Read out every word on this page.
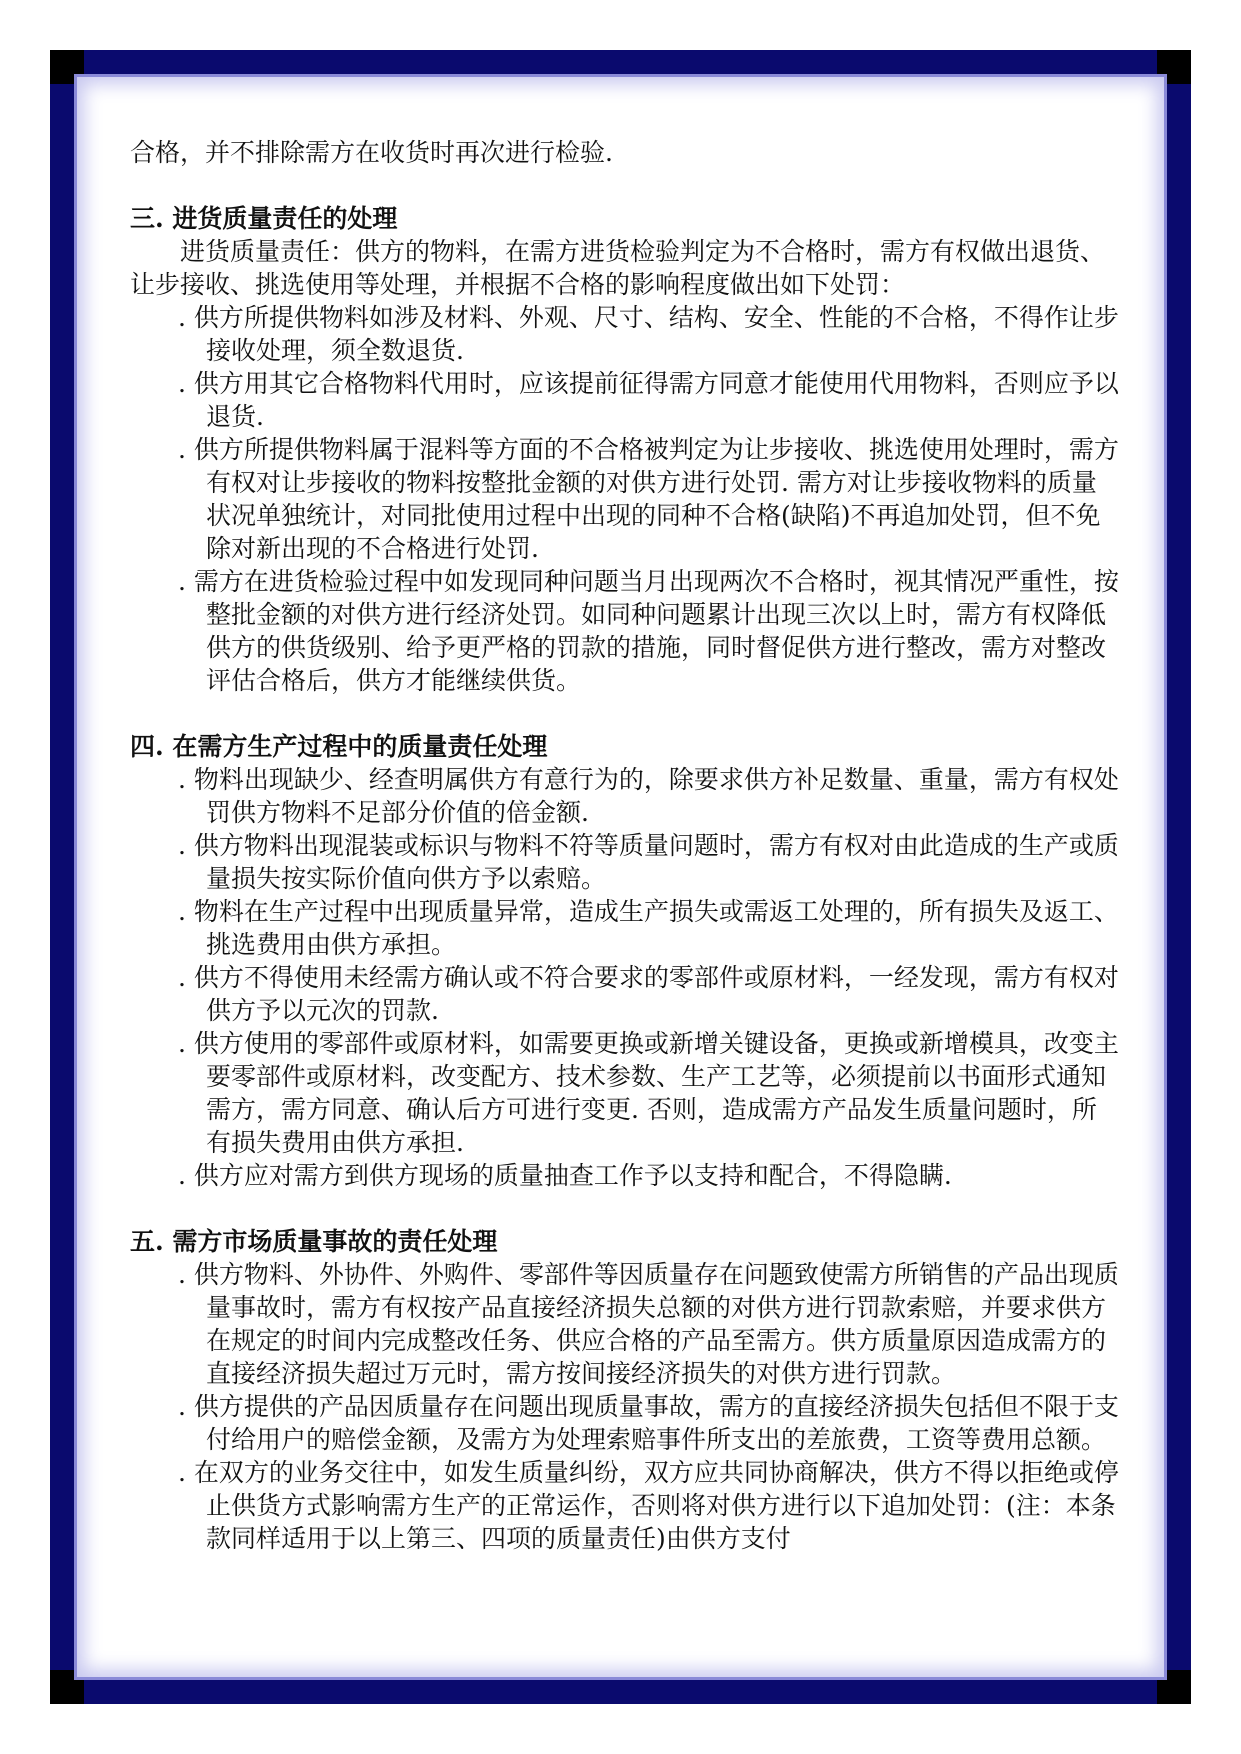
合格，并不排除需方在收货时再次进行检验.

三. 进货质量责任的处理

进货质量责任：供方的物料，在需方进货检验判定为不合格时，需方有权做出退货、让步接收、挑选使用等处理，并根据不合格的影响程度做出如下处罚：

. 供方所提供物料如涉及材料、外观、尺寸、结构、安全、性能的不合格，不得作让步接收处理，须全数退货.

. 供方用其它合格物料代用时，应该提前征得需方同意才能使用代用物料，否则应予以退货.

. 供方所提供物料属于混料等方面的不合格被判定为让步接收、挑选使用处理时，需方有权对让步接收的物料按整批金额的对供方进行处罚. 需方对让步接收物料的质量状况单独统计，对同批使用过程中出现的同种不合格(缺陷)不再追加处罚，但不免除对新出现的不合格进行处罚.

. 需方在进货检验过程中如发现同种问题当月出现两次不合格时，视其情况严重性，按整批金额的对供方进行经济处罚。如同种问题累计出现三次以上时，需方有权降低供方的供货级别、给予更严格的罚款的措施，同时督促供方进行整改，需方对整改评估合格后，供方才能继续供货。

四. 在需方生产过程中的质量责任处理

. 物料出现缺少、经查明属供方有意行为的，除要求供方补足数量、重量，需方有权处罚供方物料不足部分价值的倍金额.

. 供方物料出现混装或标识与物料不符等质量问题时，需方有权对由此造成的生产或质量损失按实际价值向供方予以索赔。

. 物料在生产过程中出现质量异常，造成生产损失或需返工处理的，所有损失及返工、挑选费用由供方承担。

. 供方不得使用未经需方确认或不符合要求的零部件或原材料，一经发现，需方有权对供方予以元次的罚款.

. 供方使用的零部件或原材料，如需要更换或新增关键设备，更换或新增模具，改变主要零部件或原材料，改变配方、技术参数、生产工艺等，必须提前以书面形式通知需方，需方同意、确认后方可进行变更. 否则，造成需方产品发生质量问题时，所有损失费用由供方承担.

. 供方应对需方到供方现场的质量抽查工作予以支持和配合，不得隐瞒.

五. 需方市场质量事故的责任处理

. 供方物料、外协件、外购件、零部件等因质量存在问题致使需方所销售的产品出现质量事故时，需方有权按产品直接经济损失总额的对供方进行罚款索赔，并要求供方在规定的时间内完成整改任务、供应合格的产品至需方。供方质量原因造成需方的直接经济损失超过万元时，需方按间接经济损失的对供方进行罚款。

. 供方提供的产品因质量存在问题出现质量事故，需方的直接经济损失包括但不限于支付给用户的赔偿金额，及需方为处理索赔事件所支出的差旅费，工资等费用总额。

. 在双方的业务交往中，如发生质量纠纷，双方应共同协商解决，供方不得以拒绝或停止供货方式影响需方生产的正常运作，否则将对供方进行以下追加处罚：(注：本条款同样适用于以上第三、四项的质量责任)由供方支付
